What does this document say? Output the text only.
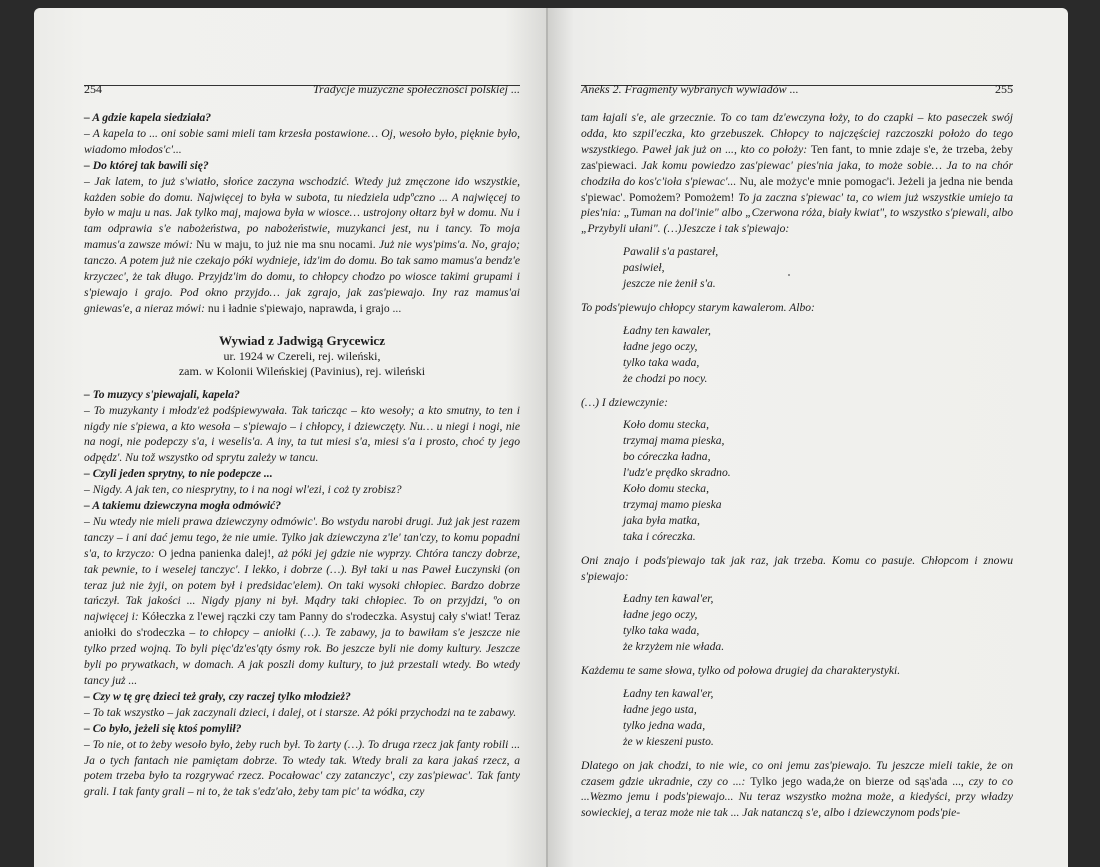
254	Tradycje muzyczne społeczności polskiej ...

– A gdzie kapela siedziała?

– A kapela to ... oni sobie sami mieli tam krzesła postawione… Oj, wesoło było, pięknie było, wiadomo młodos'c'...

– Do której tak bawili się?

– Jak latem, to już s'wiatło, słońce zaczyna wschodzić. Wtedy już zmęczone ido wszystkie, każden sobie do domu. Najwięcej to była w subota, tu niedziela udpºczno ... A najwięcej to było w maju u nas. Jak tylko maj, majowa była w wiosce… ustrojony ołtarz był w domu. Nu i tam odprawia s'e nabożeństwa, po nabożeństwie, muzykanci jest, nu i tancy. To moja mamus'a zawsze mówi: Nu w maju, to już nie ma snu nocami. Już nie wys'pims'a. No, grajo; tanczo. A potem już nie czekajo póki wydnieje, idz'im do domu. Bo tak samo mamus'a bendz'e krzyczec', że tak długo. Przyjdz'im do domu, to chłopcy chodzo po wiosce takimi grupami i s'piewajo i grajo. Pod okno przyjdo… jak zgrajo, jak zas'piewajo. Iny raz mamus'ai gniewas'e, a nieraz mówi: nu i ładnie s'piewajo, naprawda, i grajo ...

Wywiad z Jadwigą Grycewicz

ur. 1924 w Czereli, rej. wileński,

zam. w Kolonii Wileńskiej (Pavinius), rej. wileński

– To muzycy s'piewajali, kapela?

– To muzykanty i młodz'eż podśpiewywała. Tak tańcząc – kto wesoły; a kto smutny, to ten i nigdy nie s'piewa, a kto wesoła – s'piewajo – i chłopcy, i dziewczęty. Nu… u niegi i nogi, nie na nogi, nie podepczy s'a, i weselis'a. A iny, ta tut miesi s'a, miesi s'a i prosto, choć ty jego odpędz'. Nu tož wszystko od sprytu zależy w tancu.

– Czyli jeden sprytny, to nie podepcze ...

– Nigdy. A jak ten, co niesprytny, to i na nogi wl'ezi, i coż ty zrobisz?

– A takiemu dziewczyna mogła odmówić?

– Nu wtedy nie mieli prawa dziewczyny odmówic'. Bo wstydu narobi drugi. Już jak jest razem tanczy – i ani dać jemu tego, że nie umie. Tylko jak dziewczyna z'le' tan'czy, to komu popadni s'a, to krzyczo: O jedna panienka dalej!, aż póki jej gdzie nie wyprzy. Chtóra tanczy dobrze, tak pewnie, to i weselej tanczyc'. I lekko, i dobrze (…). Był taki u nas Paweł Łuczynski (on teraz już nie żyji, on potem był i predsidac'elem). On taki wysoki chłopiec. Bardzo dobrze tańczył. Tak jakości ... Nigdy pjany ni był. Mądry taki chłopiec. To on przyjdzi, ºo on najwięcej i: Kółeczka z l'ewej rączki czy tam Panny do s'rodeczka. Asystuj cały s'wiat! Teraz aniołki do s'rodeczka – to chłopcy – aniołki (…). Te zabawy, ja to bawiłam s'e jeszcze nie tylko przed wojną. To byli pięc'dz'es'ąty ósmy rok. Bo jeszcze byli nie domy kultury. Jeszcze byli po prywatkach, w domach. A jak poszli domy kultury, to już przestali wtedy. Bo wtedy tancy już ...

– Czy w tę grę dzieci też grały, czy raczej tylko młodzież?

– To tak wszystko – jak zaczynali dzieci, i dalej, ot i starsze. Aż póki przychodzi na te zabawy.

– Co było, jeżeli się ktoś pomylił?

– To nie, ot to żeby wesoło było, żeby ruch był. To żarty (…). To druga rzecz jak fanty robili ... Ja o tych fantach nie pamiętam dobrze. To wtedy tak. Wtedy brali za kara jakaś rzecz, a potem trzeba było ta rozgrywać rzecz. Pocałowac' czy zatanczyc', czy zas'piewac'. Tak fanty grali. I tak fanty grali – ni to, że tak s'edz'ało, żeby tam pic' ta wódka, czy

Aneks 2. Fragmenty wybranych wywiadów ...	255

tam łajali s'e, ale grzecznie. To co tam dz'ewczyna łoży, to do czapki – kto paseczek swój odda, kto szpil'eczka, kto grzebuszek. Chłopcy to najczęściej razczoszki położo do tego wszystkiego. Paweł jak już on ..., kto co położy: Ten fant, to mnie zdaje s'e, że trzeba, żeby zas'piewaci. Jak komu powiedzo zas'piewac' pies'nia jaka, to może sobie… Ja to na chór chodziła do kos'c'ioła s'piewac'... Nu, ale możyc'e mnie pomogac'i. Jeżeli ja jedna nie benda s'piewac'. Pomożem? Pomożem! To ja zaczna s'piewac' ta, co wiem już wszystkie umiejo ta pies'nia: „Tuman na dol'inie" albo „Czerwona róża, biały kwiat", to wszystko s'piewali, albo „Przybyli ułani". (…)Jeszcze i tak s'piewajo:

Pawalił s'a pastareł,

pasiwieł,

jeszcze nie żenił s'a.

To pods'piewujo chłopcy starym kawalerom. Albo:

Ładny ten kawaler,

ładne jego oczy,

tylko taka wada,

że chodzi po nocy.

(…) I dziewczynie:

Koło domu stecka,

trzymaj mama pieska,

bo córeczka ładna,

l'udz'e prędko skradno.

Koło domu stecka,

trzymaj mamo pieska

jaka była matka,

taka i córeczka.

Oni znajo i pods'piewajo tak jak raz, jak trzeba. Komu co pasuje. Chłopcom i znowu s'piewajo:

Ładny ten kawal'er,

ładne jego oczy,

tylko taka wada,

że krzyżem nie włada.

Każdemu te same słowa, tylko od połowa drugiej da charakterystyki.

Ładny ten kawal'er,

ładne jego usta,

tylko jedna wada,

że w kieszeni pusto.

Dlatego on jak chodzi, to nie wie, co oni jemu zas'piewajo. Tu jeszcze mieli takie, że on czasem gdzie ukradnie, czy co ...: Tylko jego wada,że on bierze od sąs'ada ..., czy to co ...Wezmo jemu i pods'piewajo... Nu teraz wszystko można może, a kiedyści, przy władzy sowieckiej, a teraz może nie tak ... Jak natanczą s'e, albo i dziewczynom pods'pie-
